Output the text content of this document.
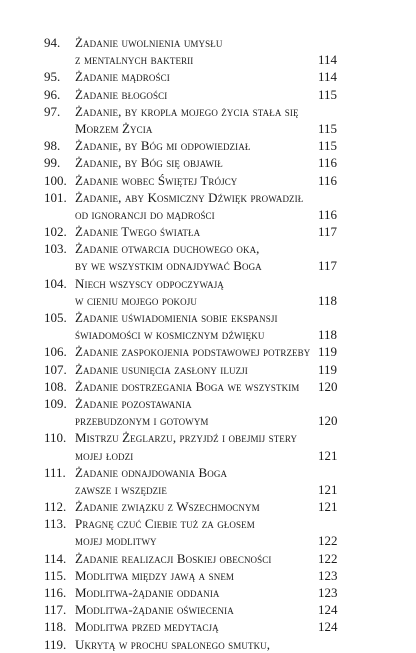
94. Żadanie uwolnienia umysłu
z mentalnych bakterii	114
95. Żadanie mądrości	114
96. Żadanie błogości	115
97. Żadanie, by kropla mojego życia stała się
Morzem Życia	115
98. Żadanie, by Bóg mi odpowiedział	115
99. Żadanie, by Bóg się objawił	116
100. Żadanie wobec Świętej Trójcy	116
101. Żadanie, aby Kosmiczny Dźwięk prowadził
od ignorancji do mądrości	116
102. Żadanie Twego światła	117
103. Żadanie otwarcia duchowego oka,
by we wszystkim odnajdywać Boga	117
104. Niech wszyscy odpoczywają
w cieniu mojego pokoju	118
105. Żadanie uświadomienia sobie ekspansji
świadomości w kosmicznym dźwięku	118
106. Żadanie zaspokojenia podstawowej potrzeby 119
107. Żadanie usunięcia zasłony iluzji	119
108. Żadanie dostrzegania Boga we wszystkim 120
109. Żadanie pozostawania
przebudzonym i gotowym	120
110. Mistrzu Żeglarzu, przyjdź i obejmij stery
mojej łodzi	121
111. Żadanie odnajdowania Boga
zawsze i wszędzie	121
112. Żadanie związku z Wszechmocnym	121
113. Pragnę czuć Ciebie tuż za głosem
mojej modlitwy	122
114. Żadanie realizacji Boskiej obecności	122
115. Modlitwa między jawą a snem	123
116. Modlitwa-żądanie oddania	123
117. Modlitwa-żądanie oświecenia	124
118. Modlitwa przed medytacją	124
119. Ukrytą w prochu spalonego smutku,
